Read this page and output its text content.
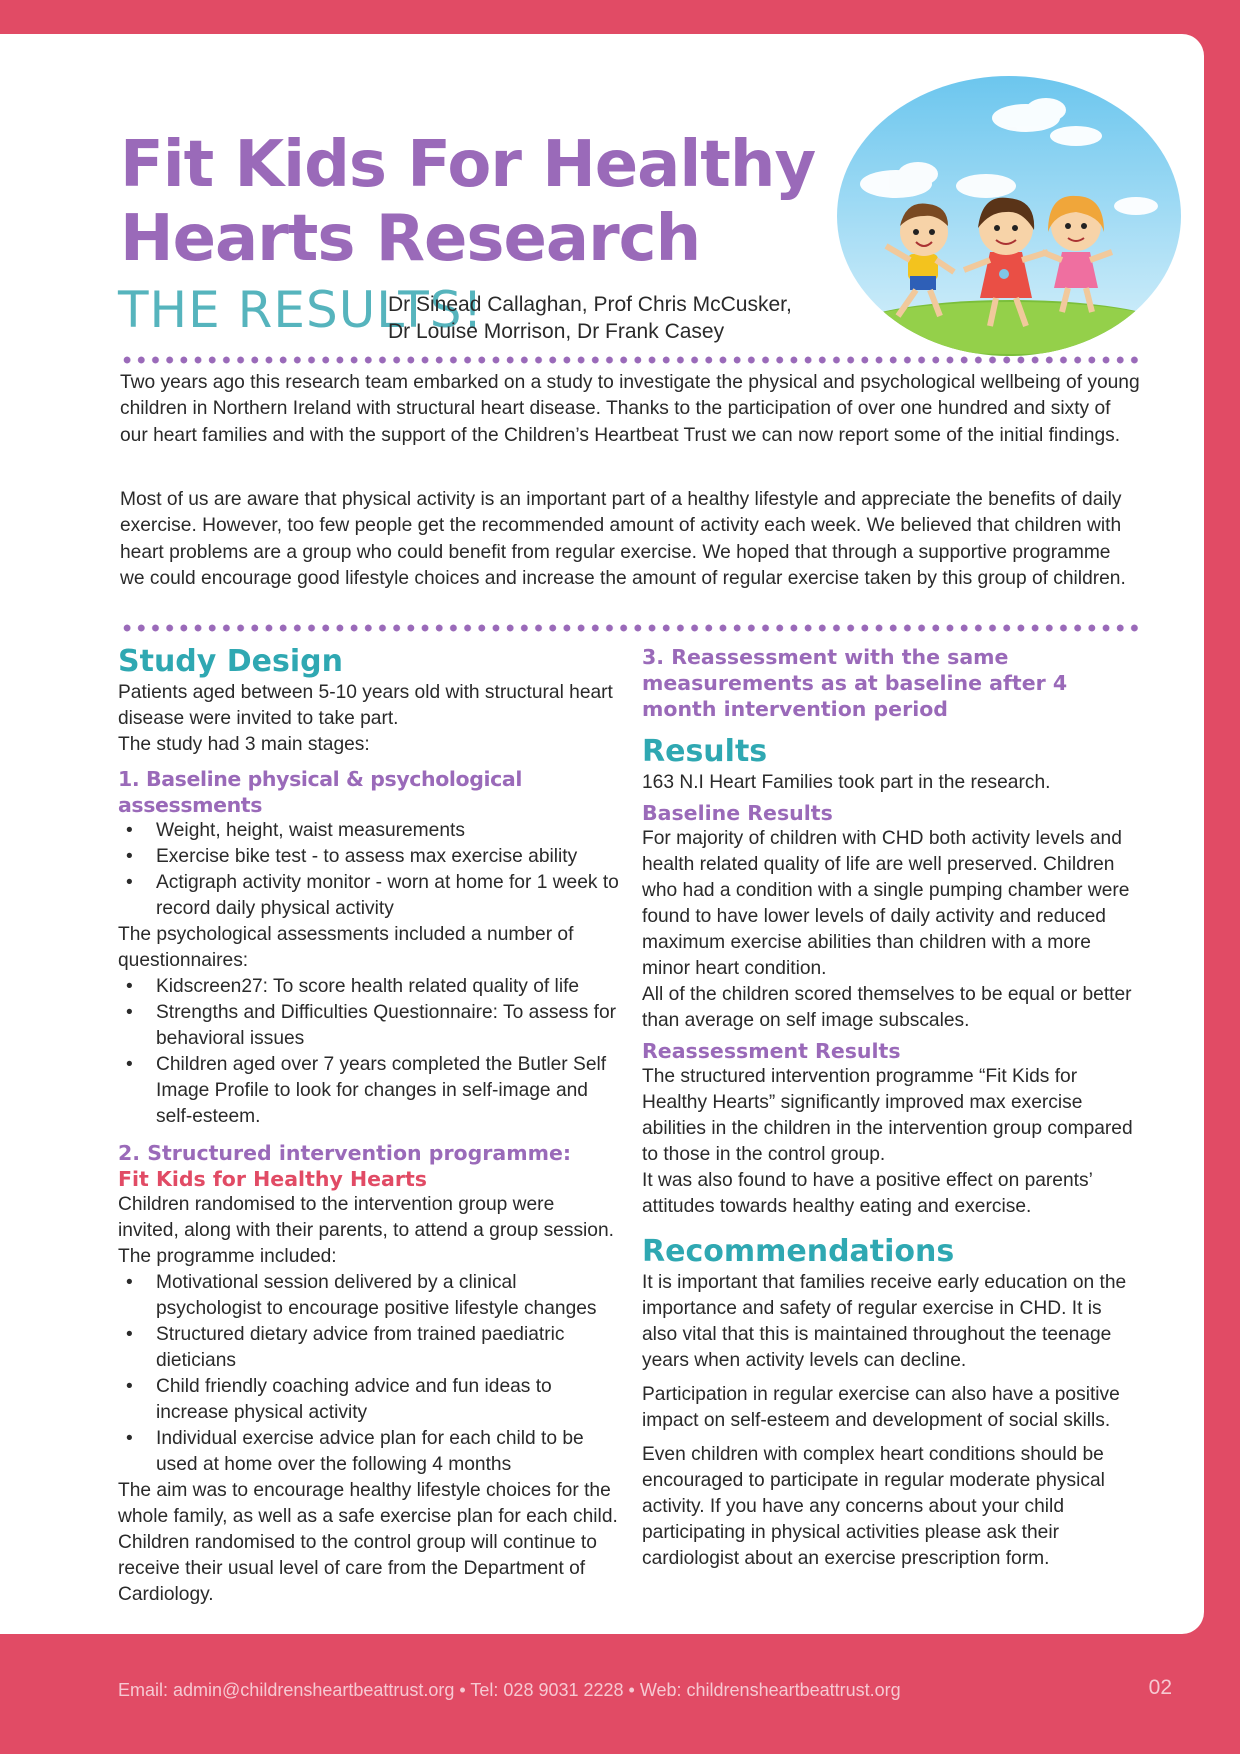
Fit Kids For Healthy
Hearts Research
THE RESULTS!
Dr Sinead Callaghan, Prof Chris McCusker,
Dr Louise Morrison, Dr Frank Casey

Two years ago this research team embarked on a study to investigate the physical and psychological wellbeing of young children in Northern Ireland with structural heart disease. Thanks to the participation of over one hundred and sixty of our heart families and with the support of the Children’s Heartbeat Trust we can now report some of the initial findings.

Most of us are aware that physical activity is an important part of a healthy lifestyle and appreciate the benefits of daily exercise. However, too few people get the recommended amount of activity each week. We believed that children with heart problems are a group who could benefit from regular exercise. We hoped that through a supportive programme we could encourage good lifestyle choices and increase the amount of regular exercise taken by this group of children.

Study Design

Patients aged between 5-10 years old with structural heart disease were invited to take part.

The study had 3 main stages:

1. Baseline physical & psychological assessments
• Weight, height, waist measurements
• Exercise bike test - to assess max exercise ability
• Actigraph activity monitor - worn at home for 1 week to record daily physical activity

The psychological assessments included a number of questionnaires:

• Kidscreen27: To score health related quality of life
• Strengths and Difficulties Questionnaire: To assess for behavioral issues
• Children aged over 7 years completed the Butler Self Image Profile to look for changes in self-image and self-esteem.
2. Structured intervention programme:
Fit Kids for Healthy Hearts

Children randomised to the intervention group were invited, along with their parents, to attend a group session. The programme included:

• Motivational session delivered by a clinical psychologist to encourage positive lifestyle changes
• Structured dietary advice from trained paediatric dieticians
• Child friendly coaching advice and fun ideas to increase physical activity
• Individual exercise advice plan for each child to be used at home over the following 4 months

The aim was to encourage healthy lifestyle choices for the whole family, as well as a safe exercise plan for each child.

Children randomised to the control group will continue to receive their usual level of care from the Department of Cardiology.

3. Reassessment with the same measurements as at baseline after 4 month intervention period
Results

163 N.I Heart Families took part in the research.

Baseline Results

For majority of children with CHD both activity levels and health related quality of life are well preserved. Children who had a condition with a single pumping chamber were found to have lower levels of daily activity and reduced maximum exercise abilities than children with a more minor heart condition.

All of the children scored themselves to be equal or better than average on self image subscales.

Reassessment Results

The structured intervention programme “Fit Kids for Healthy Hearts” significantly improved max exercise abilities in the children in the intervention group compared to those in the control group.

It was also found to have a positive effect on parents’ attitudes towards healthy eating and exercise.

Recommendations

It is important that families receive early education on the importance and safety of regular exercise in CHD. It is also vital that this is maintained throughout the teenage years when activity levels can decline.

Participation in regular exercise can also have a positive impact on self-esteem and development of social skills.

Even children with complex heart conditions should be encouraged to participate in regular moderate physical activity. If you have any concerns about your child participating in physical activities please ask their cardiologist about an exercise prescription form.

Email: admin@childrensheartbeattrust.org • Tel: 028 9031 2228 • Web: childrensheartbeattrust.org	02
